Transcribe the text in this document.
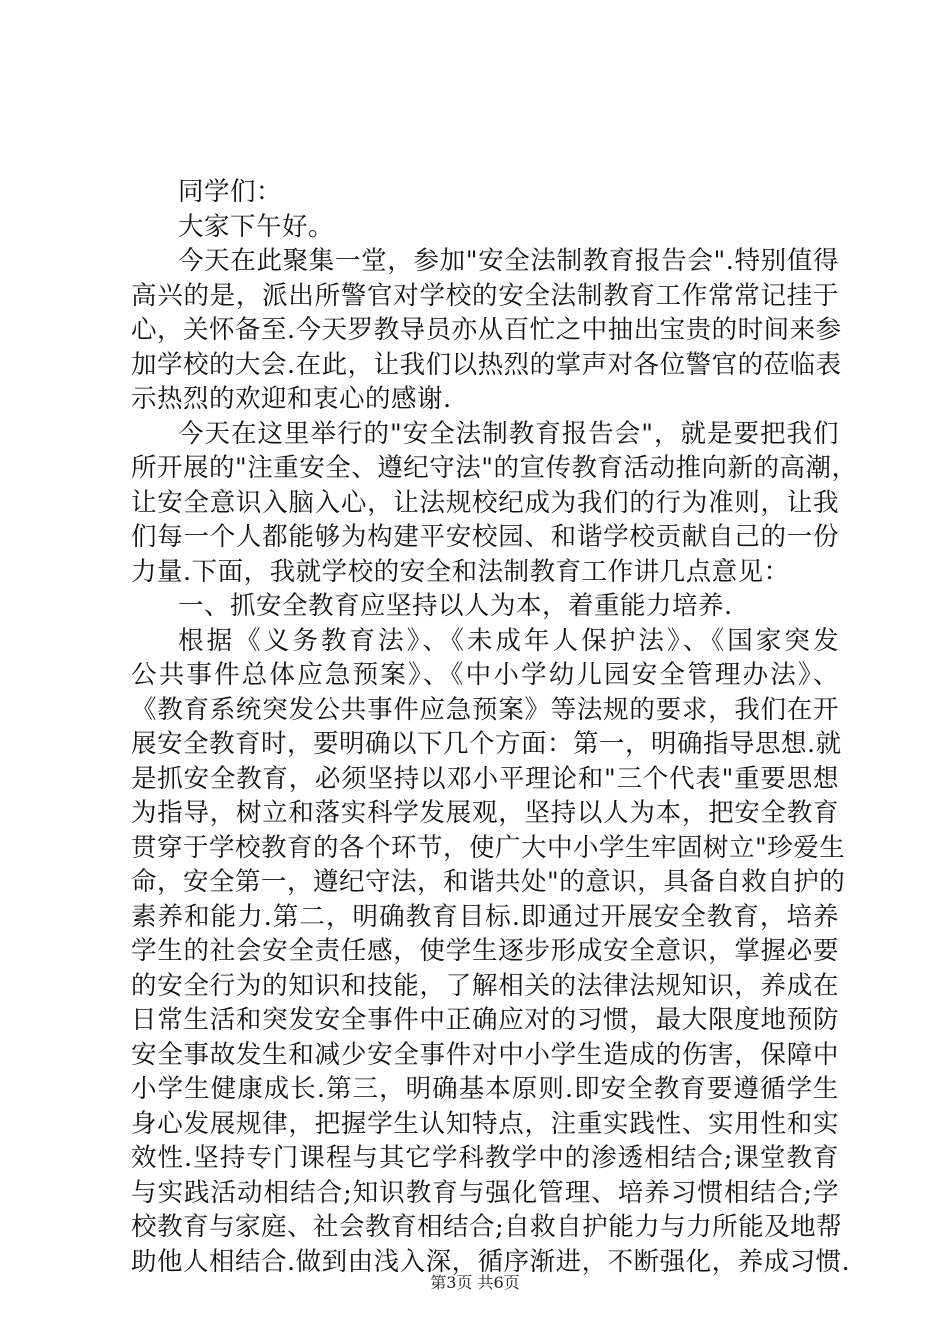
同学们：
大家下午好。
今天在此聚集一堂，参加"安全法制教育报告会".特别值得
高兴的是，派出所警官对学校的安全法制教育工作常常记挂于
心，关怀备至.今天罗教导员亦从百忙之中抽出宝贵的时间来参
加学校的大会.在此，让我们以热烈的掌声对各位警官的莅临表
示热烈的欢迎和衷心的感谢.
今天在这里举行的"安全法制教育报告会"，就是要把我们
所开展的"注重安全、遵纪守法"的宣传教育活动推向新的高潮，
让安全意识入脑入心，让法规校纪成为我们的行为准则，让我
们每一个人都能够为构建平安校园、和谐学校贡献自己的一份
力量.下面，我就学校的安全和法制教育工作讲几点意见：
一、抓安全教育应坚持以人为本，着重能力培养.
根据《义务教育法》、《未成年人保护法》、《国家突发
公共事件总体应急预案》、《中小学幼儿园安全管理办法》、
《教育系统突发公共事件应急预案》等法规的要求，我们在开
展安全教育时，要明确以下几个方面：第一，明确指导思想.就
是抓安全教育，必须坚持以邓小平理论和"三个代表"重要思想
为指导，树立和落实科学发展观，坚持以人为本，把安全教育
贯穿于学校教育的各个环节，使广大中小学生牢固树立"珍爱生
命，安全第一，遵纪守法，和谐共处"的意识，具备自救自护的
素养和能力.第二，明确教育目标.即通过开展安全教育，培养
学生的社会安全责任感，使学生逐步形成安全意识，掌握必要
的安全行为的知识和技能，了解相关的法律法规知识，养成在
日常生活和突发安全事件中正确应对的习惯，最大限度地预防
安全事故发生和减少安全事件对中小学生造成的伤害，保障中
小学生健康成长.第三，明确基本原则.即安全教育要遵循学生
身心发展规律，把握学生认知特点，注重实践性、实用性和实
效性.坚持专门课程与其它学科教学中的渗透相结合;课堂教育
与实践活动相结合;知识教育与强化管理、培养习惯相结合;学
校教育与家庭、社会教育相结合;自救自护能力与力所能及地帮
助他人相结合.做到由浅入深，循序渐进，不断强化，养成习惯.
第3页 共6页
